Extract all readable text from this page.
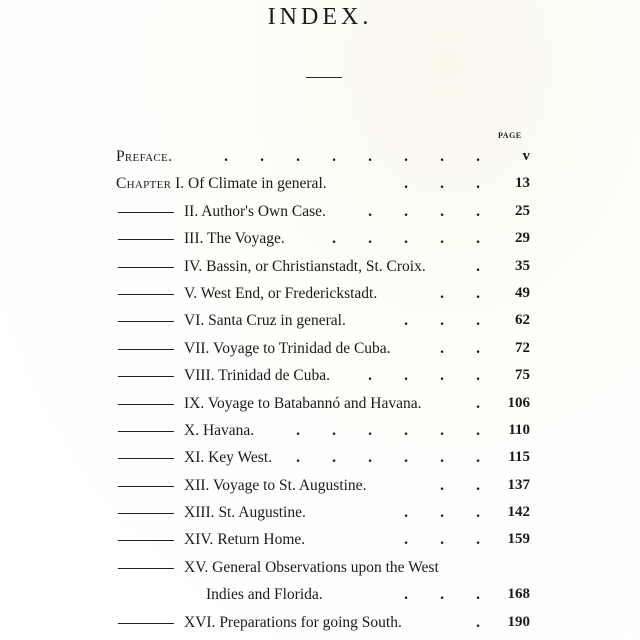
INDEX.
PAGE
Preface.	. . . . . . . .	v
Chapter I. Of Climate in general.	. . .	13
II. Author's Own Case.	. . . .	25
III. The Voyage.	. . . . .	29
IV. Bassin, or Christianstadt, St. Croix.	.	35
V. West End, or Frederickstadt.	. .	49
VI. Santa Cruz in general.	. . .	62
VII. Voyage to Trinidad de Cuba.	. .	72
VIII. Trinidad de Cuba.	. . . .	75
IX. Voyage to Batabannó and Havana.	.	106
X. Havana.	. . . . . .	110
XI. Key West.	. . . . . .	115
XII. Voyage to St. Augustine.	. .	137
XIII. St. Augustine.	. . .	142
XIV. Return Home.	. . .	159
XV. General Observations upon the West
Indies and Florida.	. . .	168
XVI. Preparations for going South.	.	190
